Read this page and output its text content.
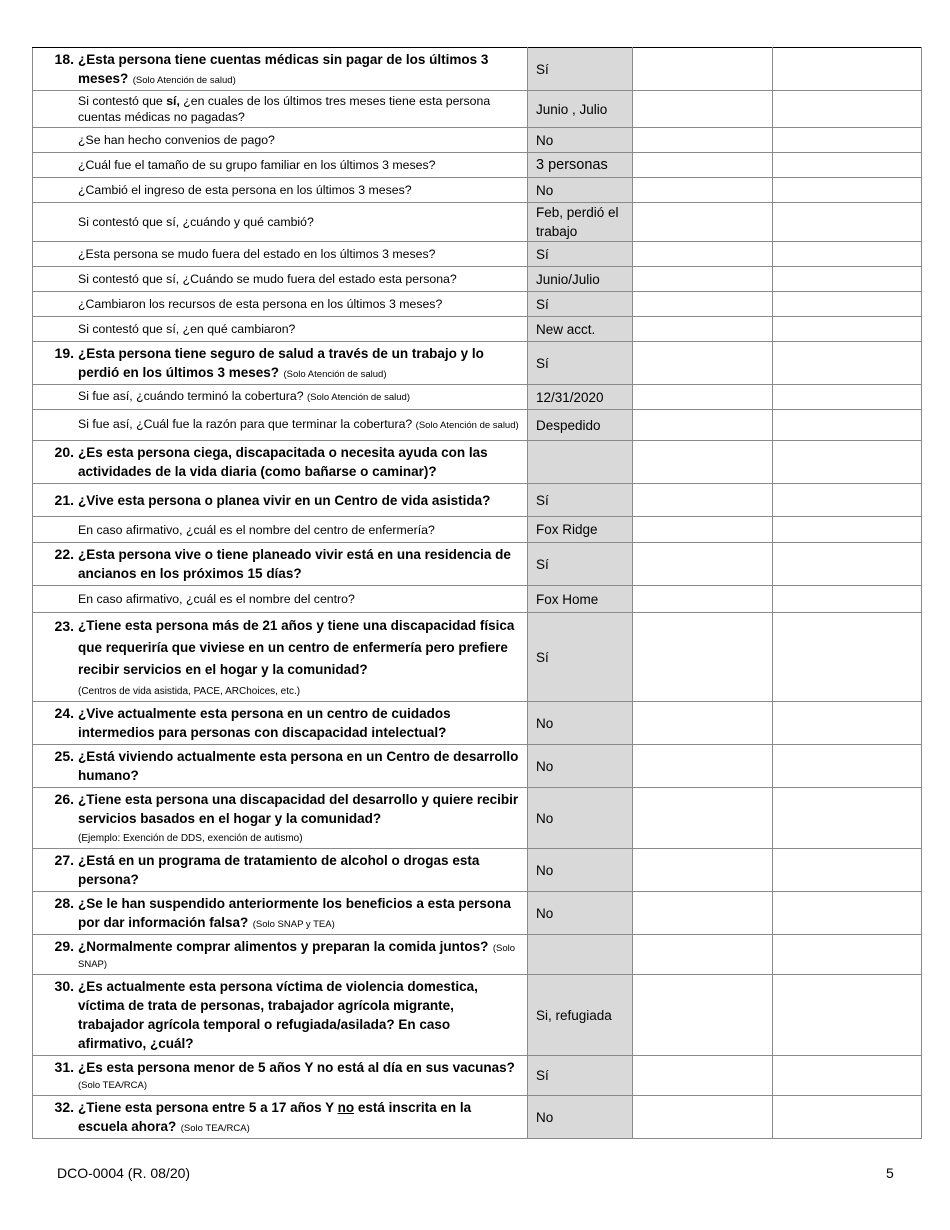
18. ¿Esta persona tiene cuentas médicas sin pagar de los últimos 3 meses? (Solo Atención de salud)	Sí		

Si contestó que sí, ¿en cuales de los últimos tres meses tiene esta persona cuentas médicas no pagadas?	Junio , Julio		

¿Se han hecho convenios de pago?	No		

¿Cuál fue el tamaño de su grupo familiar en los últimos 3 meses?	3 personas		

¿Cambió el ingreso de esta persona en los últimos 3 meses?	No		

Si contestó que sí, ¿cuándo y qué cambió?	Feb, perdió el trabajo		

¿Esta persona se mudo fuera del estado en los últimos 3 meses?	Sí		

Si contestó que sí, ¿Cuándo se mudo fuera del estado esta persona?	Junio/Julio		

¿Cambiaron los recursos de esta persona en los últimos 3 meses?	Sí		

Si contestó que sí, ¿en qué cambiaron?	New acct.		

19. ¿Esta persona tiene seguro de salud a través de un trabajo y lo perdió en los últimos 3 meses? (Solo Atención de salud)	Sí		

Si fue así, ¿cuándo terminó la cobertura? (Solo Atención de salud)	12/31/2020		

Si fue así, ¿Cuál fue la razón para que terminar la cobertura? (Solo Atención de salud)	Despedido		

20. ¿Es esta persona ciega, discapacitada o necesita ayuda con las actividades de la vida diaria (como bañarse o caminar)?			

21. ¿Vive esta persona o planea vivir en un Centro de vida asistida?	Sí		

En caso afirmativo, ¿cuál es el nombre del centro de enfermería?	Fox Ridge		

22. ¿Esta persona vive o tiene planeado vivir está en una residencia de ancianos en los próximos 15 días?	Sí		

En caso afirmativo, ¿cuál es el nombre del centro?	Fox Home		

23. ¿Tiene esta persona más de 21 años y tiene una discapacidad física que requeriría que viviese en un centro de enfermería pero prefiere recibir servicios en el hogar y la comunidad?
(Centros de vida asistida, PACE, ARChoices, etc.)	Sí		

24. ¿Vive actualmente esta persona en un centro de cuidados intermedios para personas con discapacidad intelectual?	No		

25. ¿Está viviendo actualmente esta persona en un Centro de desarrollo humano?	No		

26. ¿Tiene esta persona una discapacidad del desarrollo y quiere recibir servicios basados en el hogar y la comunidad?
(Ejemplo: Exención de DDS, exención de autismo)	No		

27. ¿Está en un programa de tratamiento de alcohol o drogas esta persona?	No		

28. ¿Se le han suspendido anteriormente los beneficios a esta persona por dar información falsa? (Solo SNAP y TEA)	No		

29. ¿Normalmente comprar alimentos y preparan la comida juntos? (Solo SNAP)			

30. ¿Es actualmente esta persona víctima de violencia domestica, víctima de trata de personas, trabajador agrícola migrante, trabajador agrícola temporal o refugiada/asilada? En caso afirmativo, ¿cuál?	Si, refugiada		

31. ¿Es esta persona menor de 5 años Y no está al día en sus vacunas?
(Solo TEA/RCA)	Sí		

32. ¿Tiene esta persona entre 5 a 17 años Y no está inscrita en la escuela ahora? (Solo TEA/RCA)	No		
DCO-0004 (R. 08/20)	5
